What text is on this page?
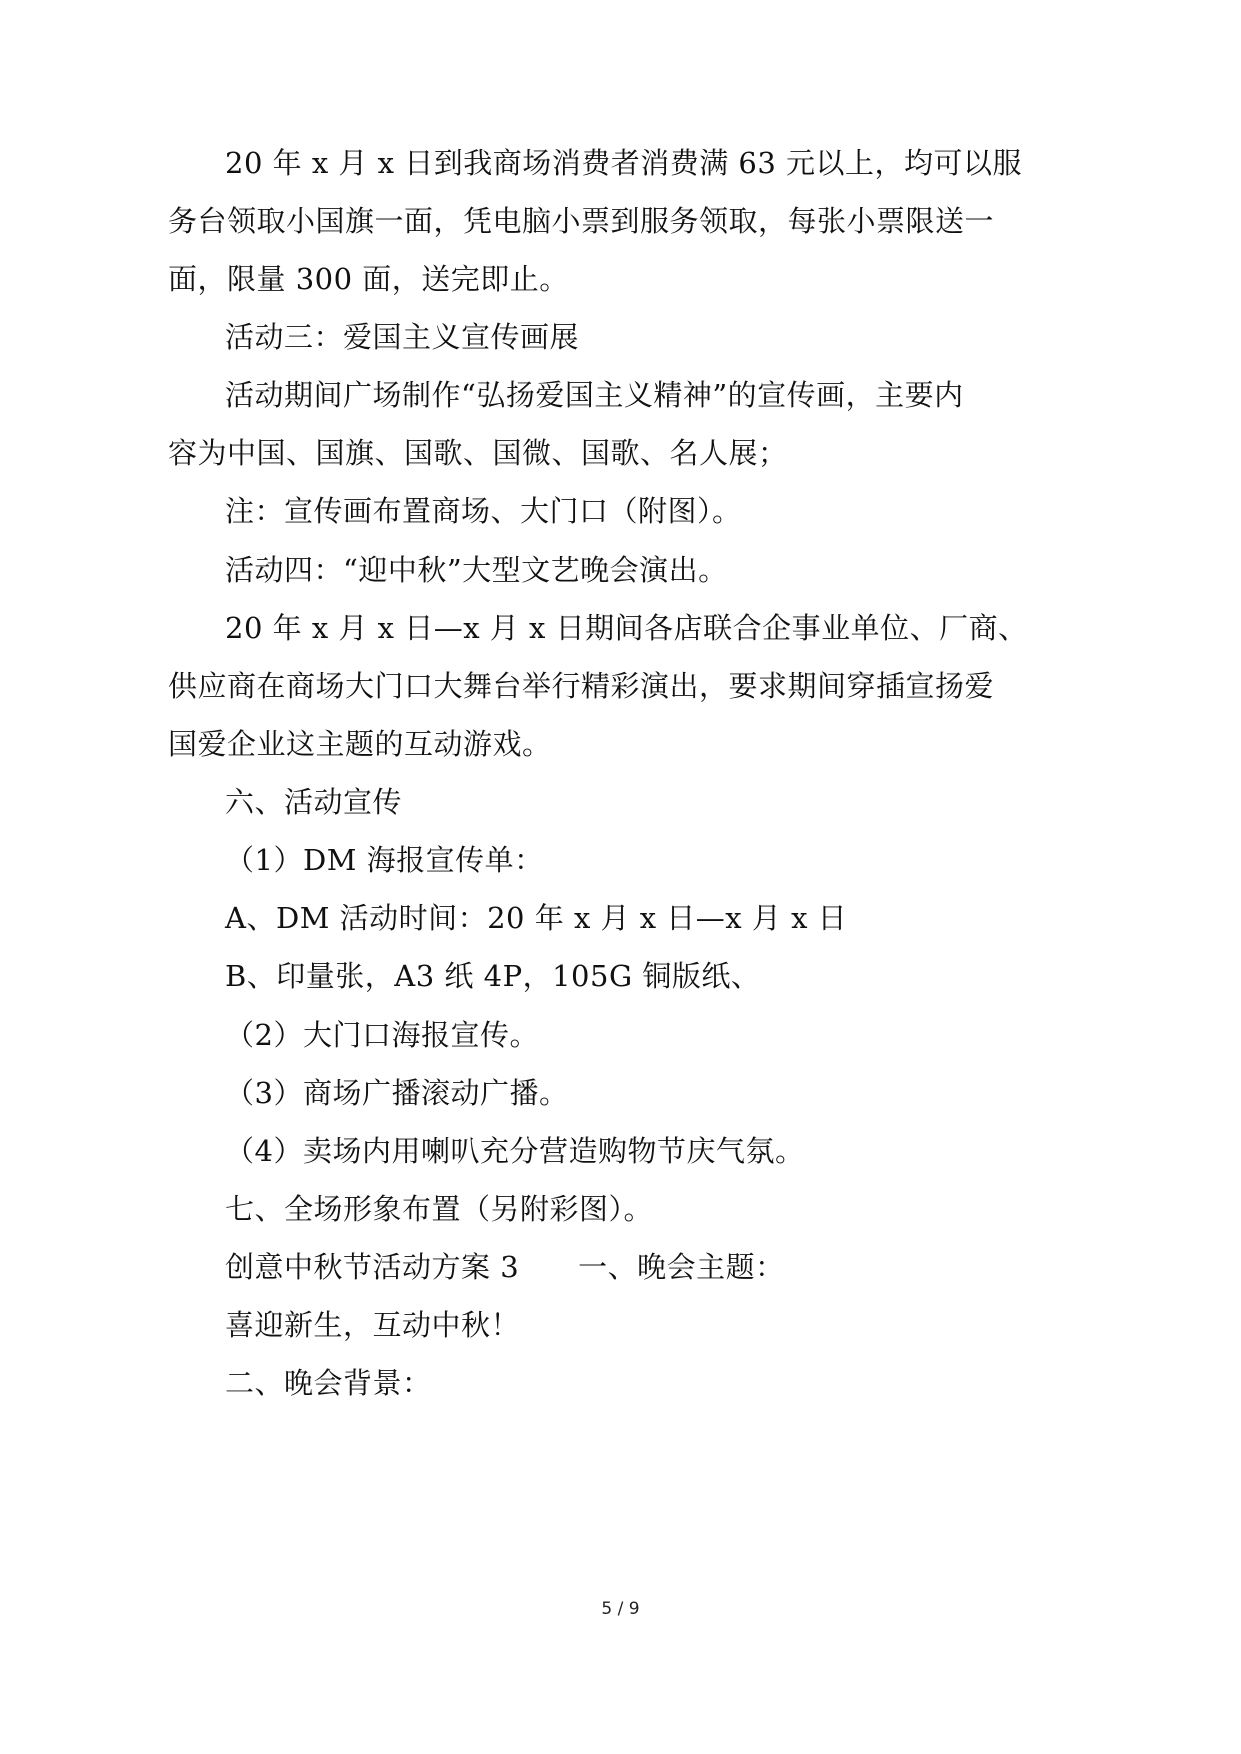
20 年 x 月 x 日到我商场消费者消费满 63 元以上，均可以服
务台领取小国旗一面，凭电脑小票到服务领取，每张小票限送一
面，限量 300 面，送完即止。
活动三：爱国主义宣传画展
活动期间广场制作“弘扬爱国主义精神”的宣传画，主要内
容为中国、国旗、国歌、国微、国歌、名人展；
注：宣传画布置商场、大门口（附图）。
活动四：“迎中秋”大型文艺晚会演出。
20 年 x 月 x 日—x 月 x 日期间各店联合企事业单位、厂商、
供应商在商场大门口大舞台举行精彩演出，要求期间穿插宣扬爱
国爱企业这主题的互动游戏。
六、活动宣传
（1）DM 海报宣传单：
A、DM 活动时间：20 年 x 月 x 日—x 月 x 日
B、印量张，A3 纸 4P，105G 铜版纸、
（2）大门口海报宣传。
（3）商场广播滚动广播。
（4）卖场内用喇叭充分营造购物节庆气氛。
七、全场形象布置（另附彩图）。
创意中秋节活动方案 3　　一、晚会主题：
喜迎新生，互动中秋！
二、晚会背景：
5 / 9
